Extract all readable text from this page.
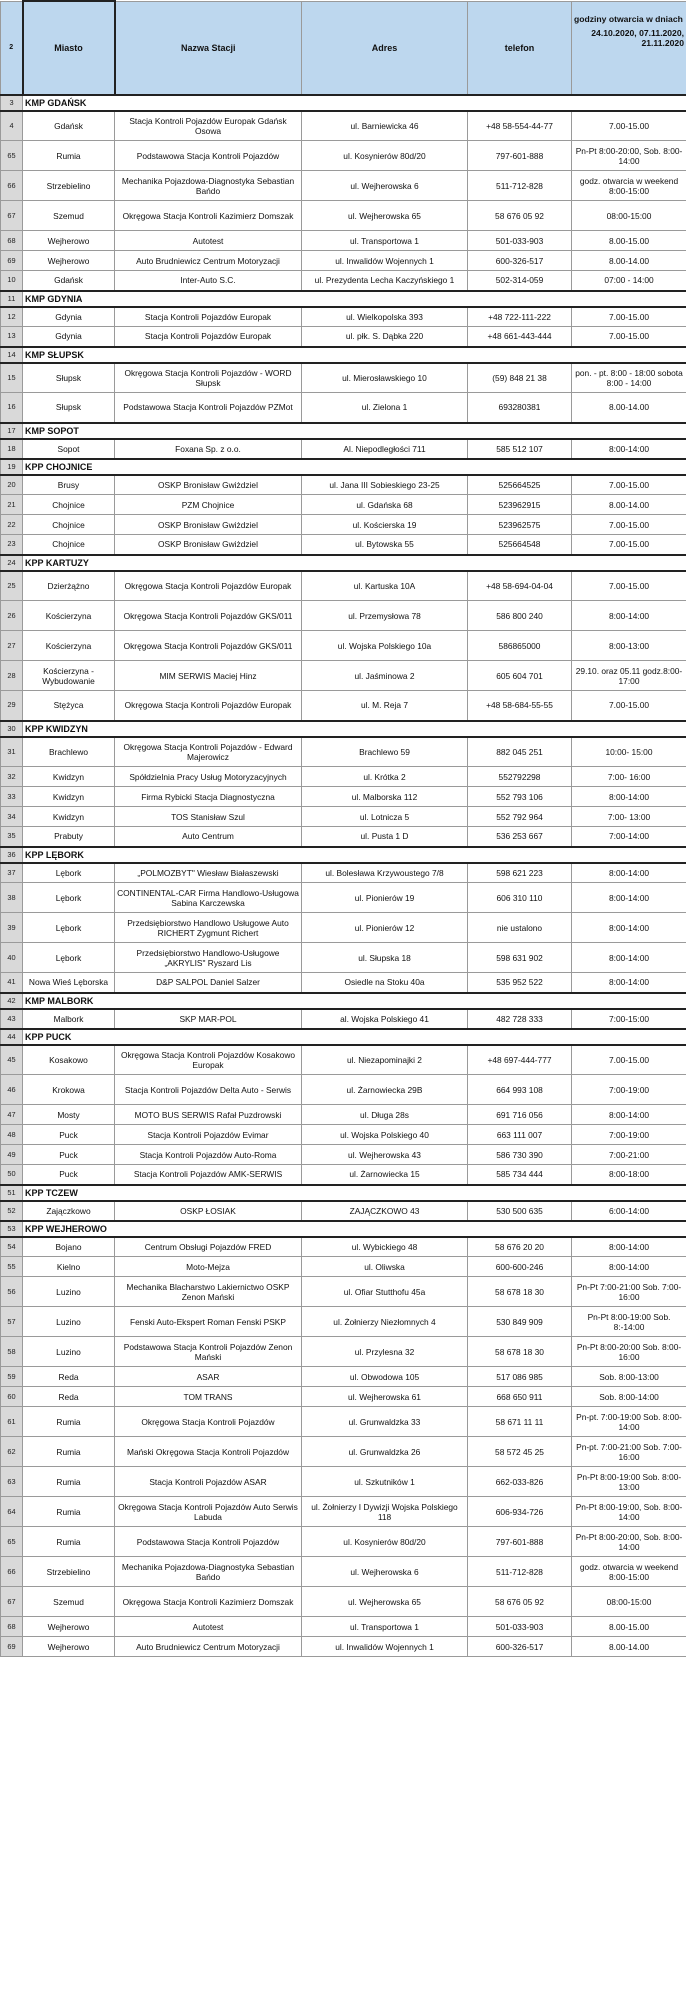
2	Miasto	Nazwa Stacji	Adres	telefon	godziny otwarcia w dniach
24.10.2020, 07.11.2020, 21.11.2020

3	KMP GDAŃSK				
4	Gdańsk	Stacja Kontroli Pojazdów Europak Gdańsk Osowa	ul. Barniewicka 46	+48 58-554-44-77	7.00-15.00
65	Rumia	Podstawowa Stacja Kontroli Pojazdów	ul. Kosynierów 80d/20	797-601-888	Pn-Pt 8:00-20:00, Sob. 8:00-14:00
66	Strzebielino	Mechanika Pojazdowa-Diagnostyka Sebastian Bańdo	ul. Wejherowska 6	511-712-828	godz. otwarcia w weekend 8:00-15:00
67	Szemud	Okręgowa Stacja Kontroli Kazimierz Domszak	ul. Wejherowska 65	58 676 05 92	08:00-15:00
68	Wejherowo	Autotest	ul. Transportowa 1	501-033-903	8.00-15.00
69	Wejherowo	Auto Brudniewicz Centrum Motoryzacji	ul. Inwalidów Wojennych 1	600-326-517	8.00-14.00
10	Gdańsk	Inter-Auto S.C.	ul. Prezydenta Lecha Kaczyńskiego 1	502-314-059	07:00 - 14:00
11	KMP GDYNIA				
12	Gdynia	Stacja Kontroli Pojazdów Europak	ul. Wielkopolska 393	+48 722-111-222	7.00-15.00
13	Gdynia	Stacja Kontroli Pojazdów Europak	ul. płk. S. Dąbka 220	+48 661-443-444	7.00-15.00
14	KMP SŁUPSK				
15	Słupsk	Okręgowa Stacja Kontroli Pojazdów - WORD Słupsk	ul. Mierosławskiego 10	(59) 848 21 38	pon. - pt. 8:00 - 18:00 sobota 8:00 - 14:00
16	Słupsk	Podstawowa Stacja Kontroli Pojazdów PZMot	ul. Zielona 1	693280381	8.00-14.00
17	KMP SOPOT				
18	Sopot	Foxana Sp. z o.o.	Al. Niepodległości 711	585 512 107	8:00-14:00
19	KPP CHOJNICE				
20	Brusy	OSKP Bronisław Gwiżdziel	ul. Jana III Sobieskiego 23-25	525664525	7.00-15.00
21	Chojnice	PZM Chojnice	ul. Gdańska 68	523962915	8.00-14.00
22	Chojnice	OSKP Bronisław Gwiżdziel	ul. Kościerska 19	523962575	7.00-15.00
23	Chojnice	OSKP Bronisław Gwiżdziel	ul. Bytowska 55	525664548	7.00-15.00
24	KPP KARTUZY				
25	Dzierżążno	Okręgowa Stacja Kontroli Pojazdów Europak	ul. Kartuska 10A	+48 58-694-04-04	7.00-15.00
26	Kościerzyna	Okręgowa Stacja Kontroli Pojazdów GKS/011	ul. Przemysłowa 78	586 800 240	8:00-14:00
27	Kościerzyna	Okręgowa Stacja Kontroli Pojazdów GKS/011	ul. Wojska Polskiego 10a	586865000	8:00-13:00
28	Kościerzyna - Wybudowanie	MIM SERWIS Maciej Hinz	ul. Jaśminowa 2	605 604 701	29.10. oraz 05.11 godz.8:00-17:00
29	Stężyca	Okręgowa Stacja Kontroli Pojazdów Europak	ul. M. Reja 7	+48 58-684-55-55	7.00-15.00
30	KPP KWIDZYN				
31	Brachlewo	Okręgowa Stacja Kontroli Pojazdów - Edward Majerowicz	Brachlewo 59	882 045 251	10:00- 15:00
32	Kwidzyn	Spółdzielnia Pracy Usług Motoryzacyjnych	ul. Krótka 2	552792298	7:00- 16:00
33	Kwidzyn	Firma Rybicki Stacja Diagnostyczna	ul. Malborska 112	552 793 106	8:00-14:00
34	Kwidzyn	TOS Stanisław Szul	ul. Lotnicza 5	552 792 964	7:00- 13:00
35	Prabuty	Auto Centrum	ul. Pusta 1 D	536 253 667	7:00-14:00
36	KPP LĘBORK				
37	Lębork	„POLMOZBYT" Wiesław Białaszewski	ul. Bolesława Krzywoustego 7/8	598 621 223	8:00-14:00
38	Lębork	CONTINENTAL-CAR Firma Handlowo-Usługowa Sabina Karczewska	ul. Pionierów 19	606 310 110	8:00-14:00
39	Lębork	Przedsiębiorstwo Handlowo Usługowe Auto RICHERT Zygmunt Richert	ul. Pionierów 12	nie ustalono	8:00-14:00
40	Lębork	Przedsiębiorstwo Handlowo-Usługowe „AKRYLIS" Ryszard Lis	ul. Słupska 18	598 631 902	8:00-14:00
41	Nowa Wieś Lęborska	D&P SALPOL Daniel Salzer	Osiedle na Stoku 40a	535 952 522	8:00-14:00
42	KMP MALBORK				
43	Malbork	SKP MAR-POL	al. Wojska Polskiego 41	482 728 333	7:00-15:00
44	KPP PUCK				
45	Kosakowo	Okręgowa Stacja Kontroli Pojazdów Kosakowo Europak	ul. Niezapominajki 2	+48 697-444-777	7.00-15.00
46	Krokowa	Stacja Kontroli Pojazdów Delta Auto - Serwis	ul. Żarnowiecka 29B	664 993 108	7:00-19:00
47	Mosty	MOTO BUS SERWIS Rafał Puzdrowski	ul. Długa 28s	691 716 056	8:00-14:00
48	Puck	Stacja Kontroli Pojazdów Evimar	ul. Wojska Polskiego 40	663 111 007	7:00-19:00
49	Puck	Stacja Kontroli Pojazdów Auto-Roma	ul. Wejherowska 43	586 730 390	7:00-21:00
50	Puck	Stacja Kontroli Pojazdów AMK-SERWIS	ul. Żarnowiecka 15	585 734 444	8:00-18:00
51	KPP TCZEW				
52	Zajączkowo	OSKP ŁOSIAK	ZAJĄCZKOWO 43	530 500 635	6:00-14:00
53	KPP WEJHEROWO				
54	Bojano	Centrum Obsługi Pojazdów FRED	ul. Wybickiego 48	58 676 20 20	8:00-14:00
55	Kielno	Moto-Mejza	ul. Oliwska	600-600-246	8:00-14:00
56	Luzino	Mechanika Blacharstwo Lakiernictwo OSKP Zenon Mański	ul. Ofiar Stutthofu 45a	58 678 18 30	Pn-Pt 7:00-21:00 Sob. 7:00-16:00
57	Luzino	Fenski Auto-Ekspert Roman Fenski PSKP	ul. Żołnierzy Niezłomnych 4	530 849 909	Pn-Pt 8:00-19:00 Sob. 8:-14:00
58	Luzino	Podstawowa Stacja Kontroli Pojazdów Zenon Mański	ul. Przylesna 32	58 678 18 30	Pn-Pt 8:00-20:00 Sob. 8:00-16:00
59	Reda	ASAR	ul. Obwodowa 105	517 086 985	Sob. 8:00-13:00
60	Reda	TOM TRANS	ul. Wejherowska 61	668 650 911	Sob. 8:00-14:00
61	Rumia	Okręgowa Stacja Kontroli Pojazdów	ul. Grunwaldzka 33	58 671 11 11	Pn-pt. 7:00-19:00 Sob. 8:00-14:00
62	Rumia	Mański Okręgowa Stacja Kontroli Pojazdów	ul. Grunwaldzka 26	58 572 45 25	Pn-pt. 7:00-21:00 Sob. 7:00-16:00
63	Rumia	Stacja Kontroli Pojazdów ASAR	ul. Szkutników 1	662-033-826	Pn-Pt 8:00-19:00 Sob. 8:00-13:00
64	Rumia	Okręgowa Stacja Kontroli Pojazdów Auto Serwis Labuda	ul. Żołnierzy I Dywizji Wojska Polskiego 118	606-934-726	Pn-Pt 8:00-19:00, Sob. 8:00-14:00
65	Rumia	Podstawowa Stacja Kontroli Pojazdów	ul. Kosynierów 80d/20	797-601-888	Pn-Pt 8:00-20:00, Sob. 8:00-14:00
66	Strzebielino	Mechanika Pojazdowa-Diagnostyka Sebastian Bańdo	ul. Wejherowska 6	511-712-828	godz. otwarcia w weekend 8:00-15:00
67	Szemud	Okręgowa Stacja Kontroli Kazimierz Domszak	ul. Wejherowska 65	58 676 05 92	08:00-15:00
68	Wejherowo	Autotest	ul. Transportowa 1	501-033-903	8.00-15.00
69	Wejherowo	Auto Brudniewicz Centrum Motoryzacji	ul. Inwalidów Wojennych 1	600-326-517	8.00-14.00
